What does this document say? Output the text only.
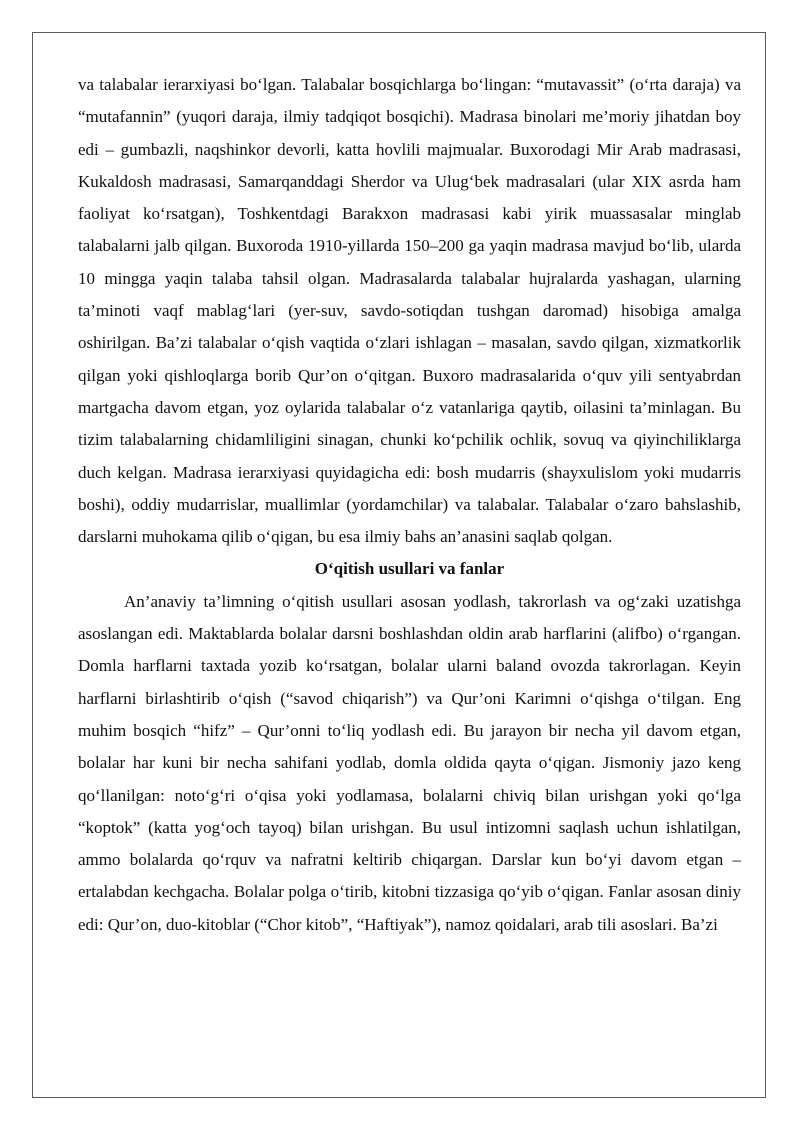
va talabalar ierarxiyasi bo‘lgan. Talabalar bosqichlarga bo‘lingan: “mutavassit” (o‘rta daraja) va “mutafannin” (yuqori daraja, ilmiy tadqiqot bosqichi). Madrasa binolari me’moriy jihatdan boy edi – gumbazli, naqshinkor devorli, katta hovlili majmualar. Buxorodagi Mir Arab madrasasi, Kukaldosh madrasasi, Samarqanddagi Sherdor va Ulug‘bek madrasalari (ular XIX asrda ham faoliyat ko‘rsatgan), Toshkentdagi Barakxon madrasasi kabi yirik muassasalar minglab talabalarni jalb qilgan. Buxoroda 1910-yillarda 150–200 ga yaqin madrasa mavjud bo‘lib, ularda 10 mingga yaqin talaba tahsil olgan. Madrasalarda talabalar hujralarda yashagan, ularning ta’minoti vaqf mablag‘lari (yer-suv, savdo-sotiqdan tushgan daromad) hisobiga amalga oshirilgan. Ba’zi talabalar o‘qish vaqtida o‘zlari ishlagan – masalan, savdo qilgan, xizmatkorlik qilgan yoki qishloqlarga borib Qur’on o‘qitgan. Buxoro madrasalarida o‘quv yili sentyabrdan martgacha davom etgan, yoz oylarida talabalar o‘z vatanlariga qaytib, oilasini ta’minlagan. Bu tizim talabalarning chidamliligini sinagan, chunki ko‘pchilik ochlik, sovuq va qiyinchiliklarga duch kelgan. Madrasa ierarxiyasi quyidagicha edi: bosh mudarris (shayxulislom yoki mudarris boshi), oddiy mudarrislar, muallimlar (yordamchilar) va talabalar. Talabalar o‘zaro bahslashib, darslarni muhokama qilib o‘qigan, bu esa ilmiy bahs an’anasini saqlab qolgan.

O‘qitish usullari va fanlar

An’anaviy ta’limning o‘qitish usullari asosan yodlash, takrorlash va og‘zaki uzatishga asoslangan edi. Maktablarda bolalar darsni boshlashdan oldin arab harflarini (alifbo) o‘rgangan. Domla harflarni taxtada yozib ko‘rsatgan, bolalar ularni baland ovozda takrorlagan. Keyin harflarni birlashtirib o‘qish (“savod chiqarish”) va Qur’oni Karimni o‘qishga o‘tilgan. Eng muhim bosqich “hifz” – Qur’onni to‘liq yodlash edi. Bu jarayon bir necha yil davom etgan, bolalar har kuni bir necha sahifani yodlab, domla oldida qayta o‘qigan. Jismoniy jazo keng qo‘llanilgan: noto‘g‘ri o‘qisa yoki yodlamasa, bolalarni chiviq bilan urishgan yoki qo‘lga “koptok” (katta yog‘och tayoq) bilan urishgan. Bu usul intizomni saqlash uchun ishlatilgan, ammo bolalarda qo‘rquv va nafratni keltirib chiqargan. Darslar kun bo‘yi davom etgan – ertalabdan kechgacha. Bolalar polga o‘tirib, kitobni tizzasiga qo‘yib o‘qigan. Fanlar asosan diniy edi: Qur’on, duo-kitoblar (“Chor kitob”, “Haftiyak”), namoz qoidalari, arab tili asoslari. Ba’zi
